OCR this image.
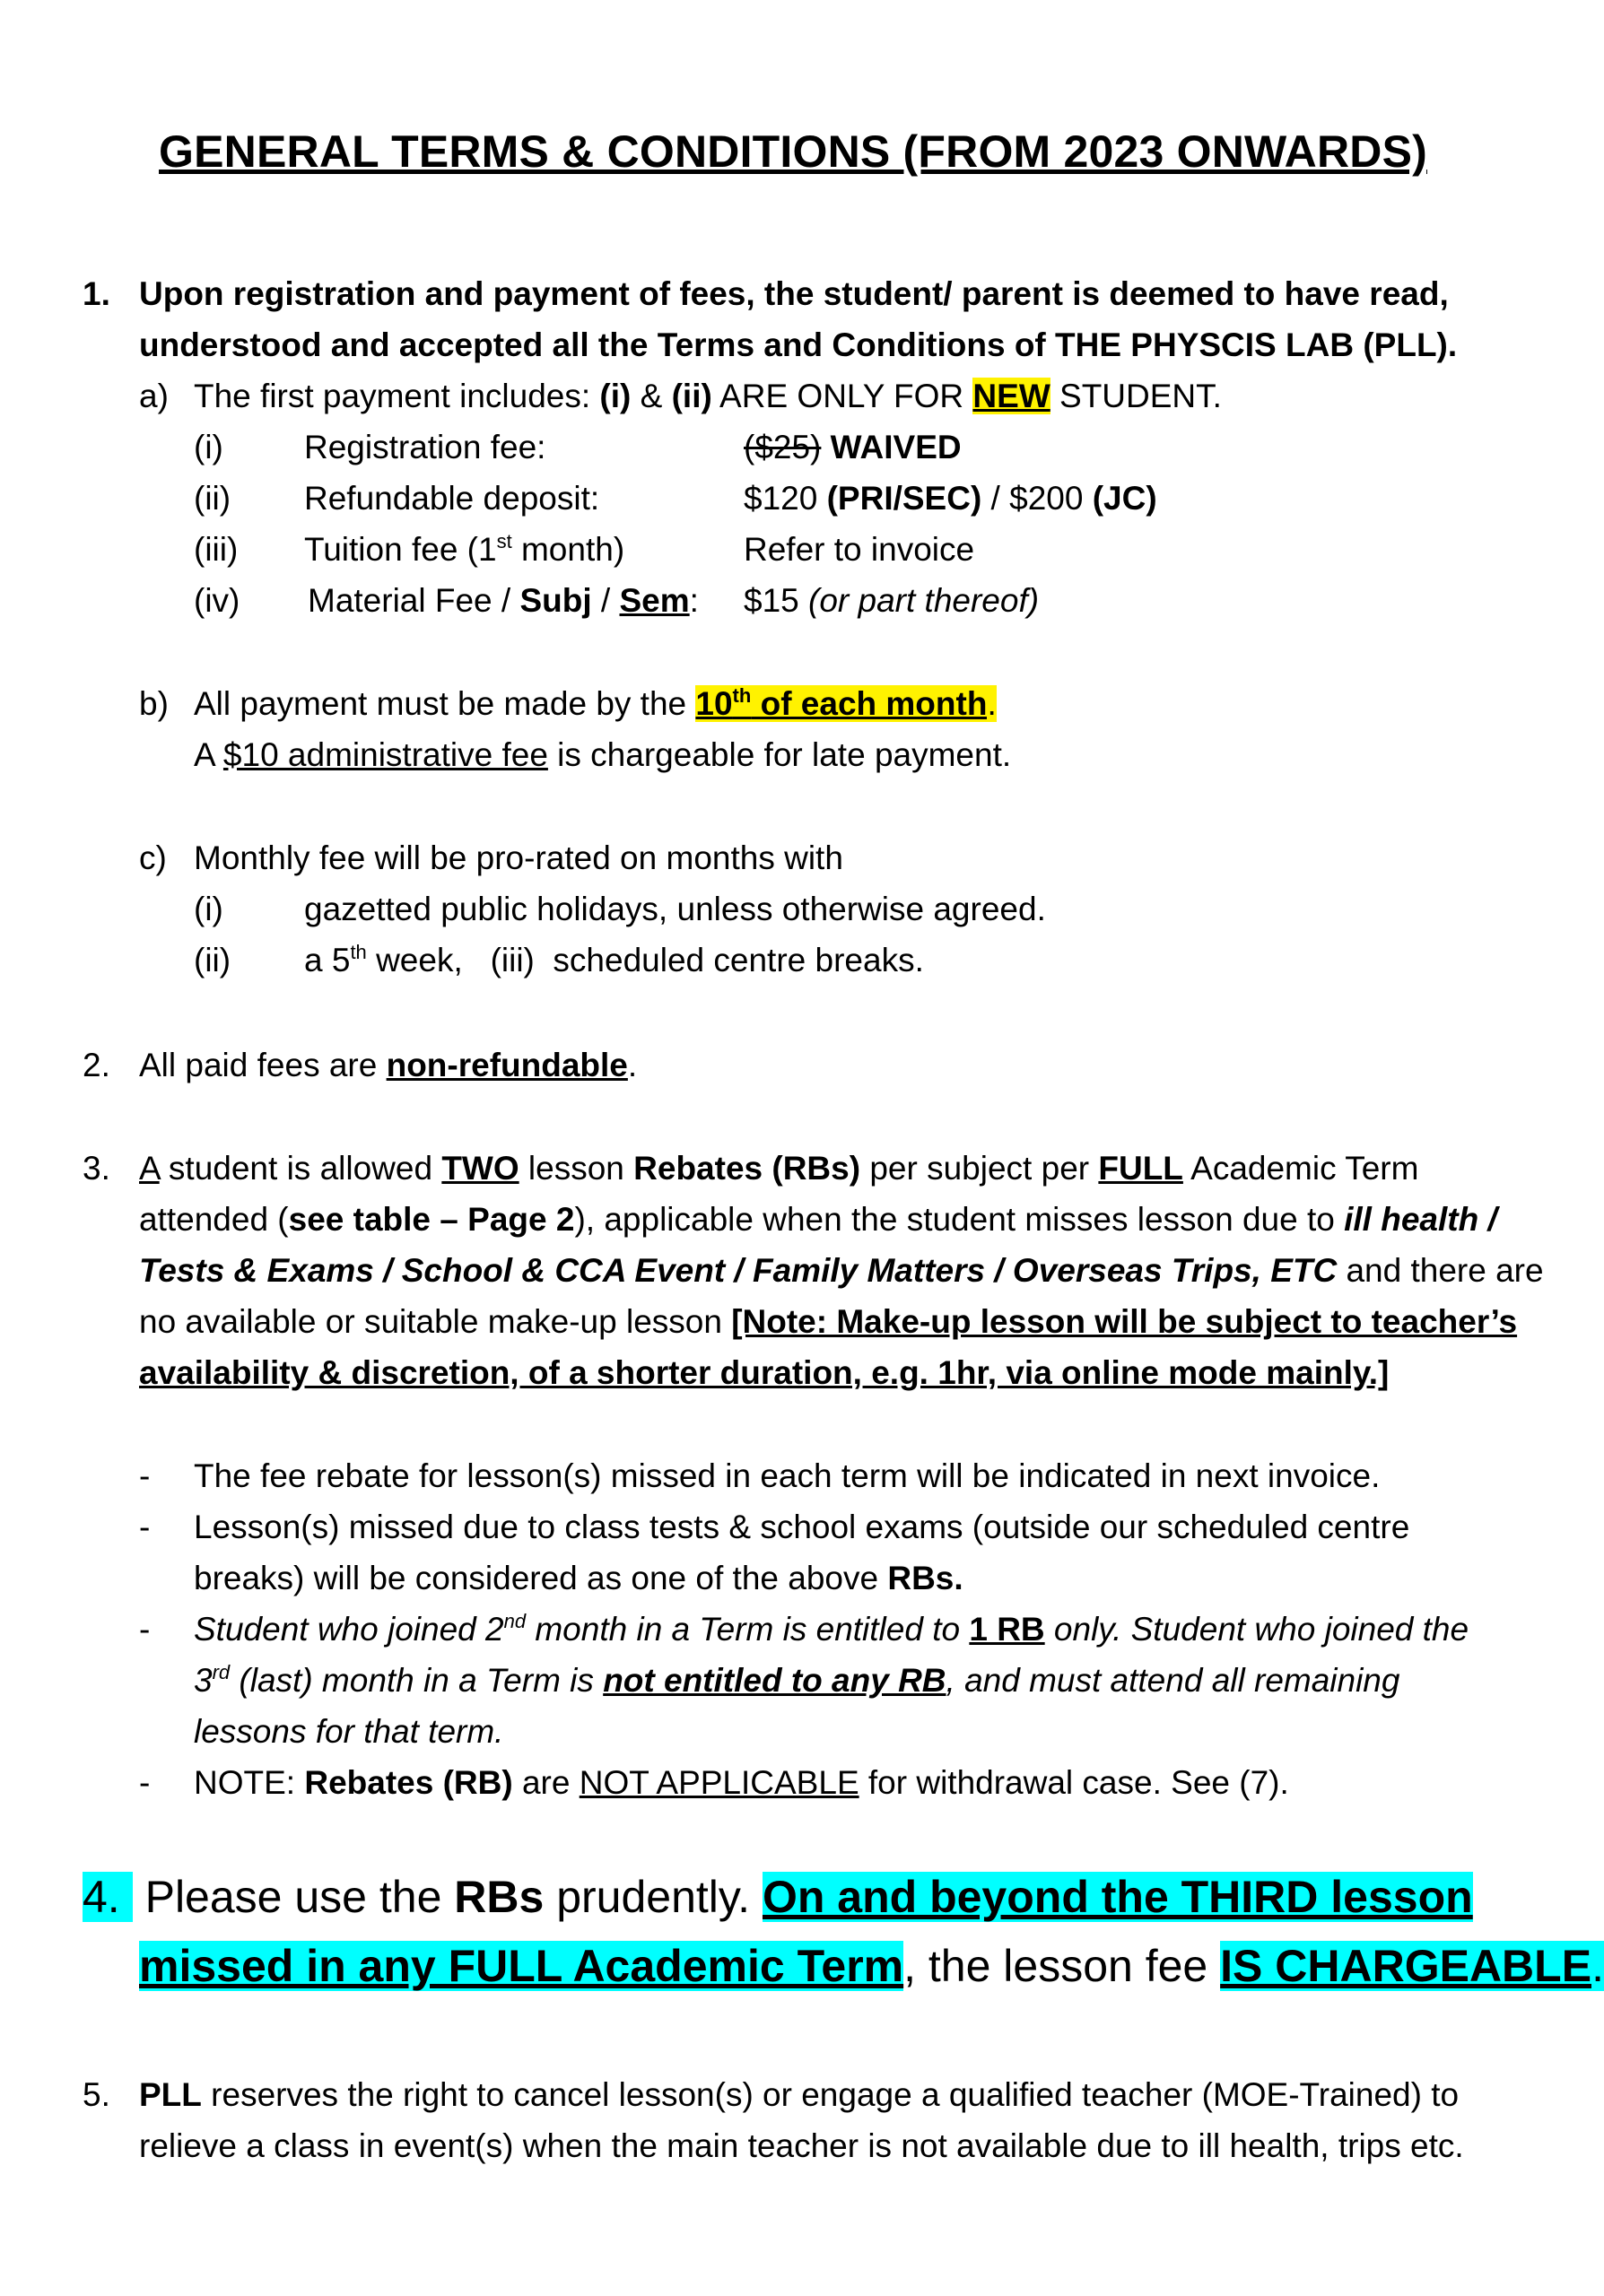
GENERAL TERMS & CONDITIONS (FROM 2023 ONWARDS)
1. Upon registration and payment of fees, the student/ parent is deemed to have read,
understood and accepted all the Terms and Conditions of THE PHYSCIS LAB (PLL).
a) The first payment includes: (i) & (ii) ARE ONLY FOR NEW STUDENT.
(i) Registration fee:	($25) WAIVED
(ii) Refundable deposit:	$120 (PRI/SEC) / $200 (JC)
(iii) Tuition fee (1st month)	Refer to invoice
(iv) Material Fee / Subj / Sem: $15 (or part thereof)
b) All payment must be made by the 10th of each month.
A $10 administrative fee is chargeable for late payment.
c) Monthly fee will be pro-rated on months with
(i) gazetted public holidays, unless otherwise agreed.
(ii) a 5th week,   (iii)  scheduled centre breaks.
2. All paid fees are non-refundable.
3. A student is allowed TWO lesson Rebates (RBs) per subject per FULL Academic Term
attended (see table – Page 2), applicable when the student misses lesson due to ill health /
Tests & Exams / School & CCA Event / Family Matters / Overseas Trips, ETC and there are
no available or suitable make-up lesson [Note: Make-up lesson will be subject to teacher’s
availability & discretion, of a shorter duration, e.g. 1hr, via online mode mainly.]
- The fee rebate for lesson(s) missed in each term will be indicated in next invoice.
- Lesson(s) missed due to class tests & school exams (outside our scheduled centre
breaks) will be considered as one of the above RBs.
- Student who joined 2nd month in a Term is entitled to 1 RB only. Student who joined the
3rd (last) month in a Term is not entitled to any RB, and must attend all remaining
lessons for that term.
- NOTE: Rebates (RB) are NOT APPLICABLE for withdrawal case. See (7).
4. Please use the RBs prudently. On and beyond the THIRD lesson
missed in any FULL Academic Term, the lesson fee IS CHARGEABLE.
5. PLL reserves the right to cancel lesson(s) or engage a qualified teacher (MOE-Trained) to
relieve a class in event(s) when the main teacher is not available due to ill health, trips etc.
